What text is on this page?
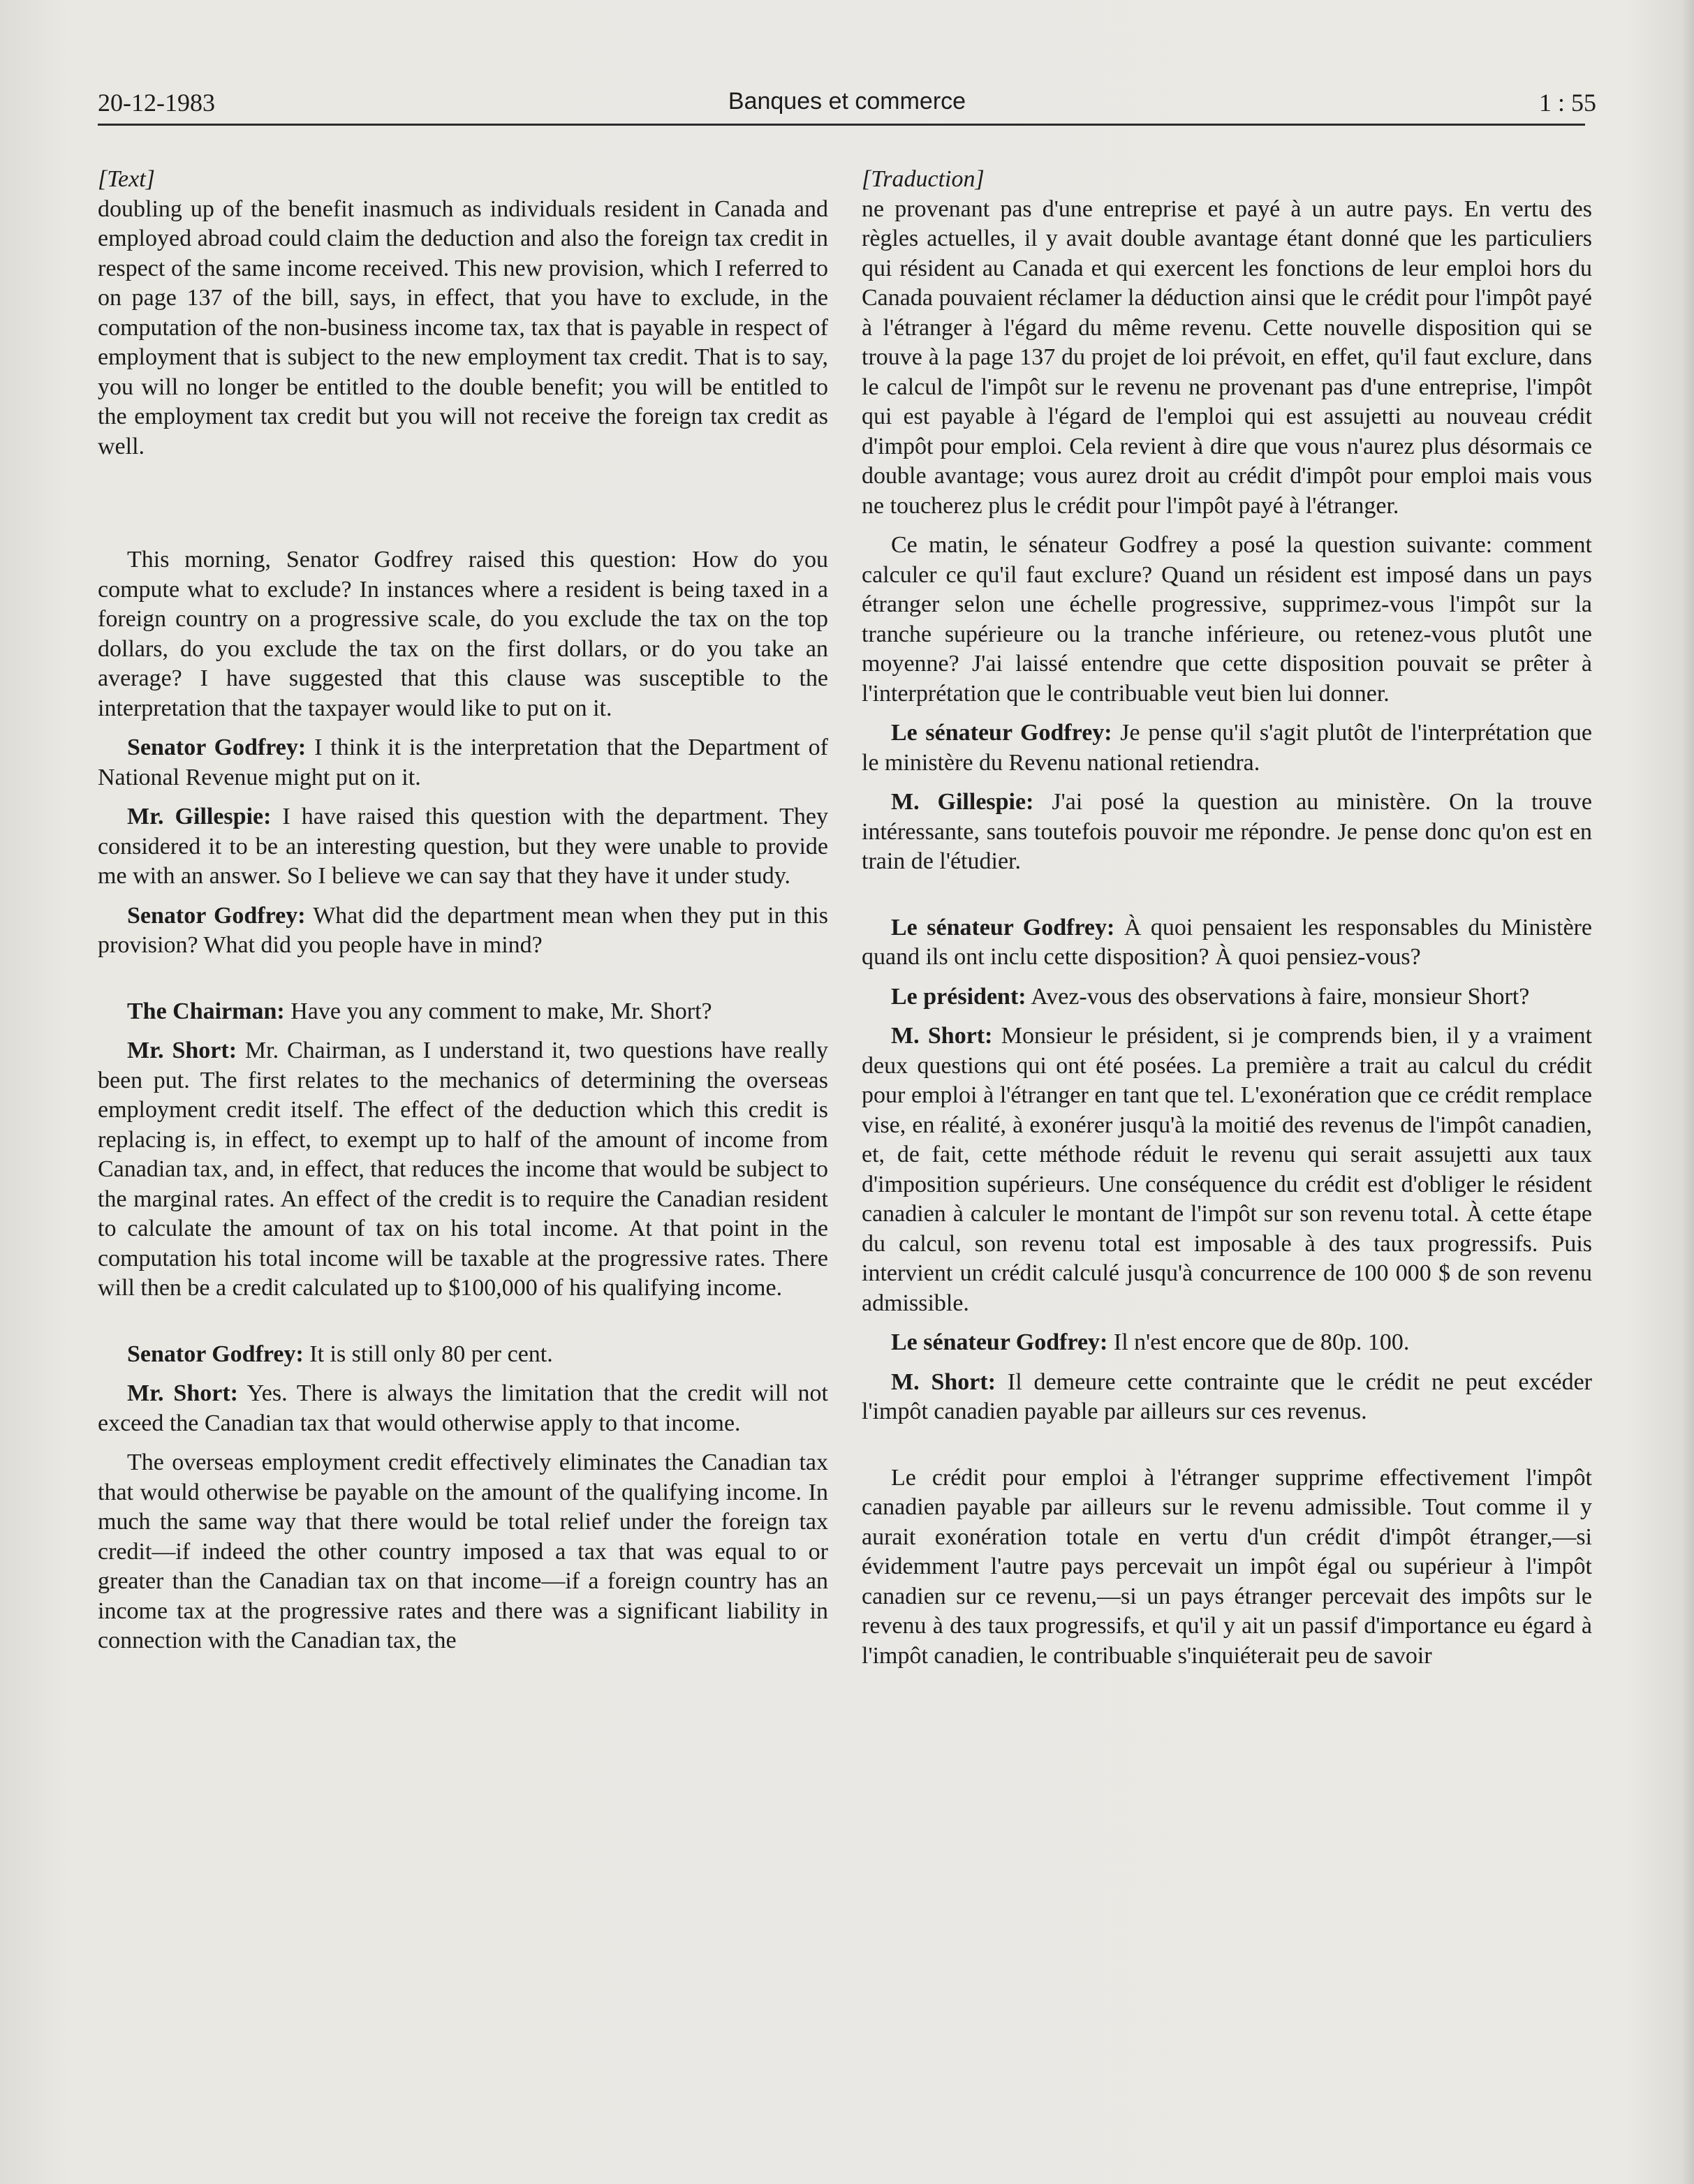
20-12-1983	Banques et commerce	1 : 55

[Text]

doubling up of the benefit inasmuch as individuals resident in Canada and employed abroad could claim the deduction and also the foreign tax credit in respect of the same income received. This new provision, which I referred to on page 137 of the bill, says, in effect, that you have to exclude, in the computation of the non-business income tax, tax that is payable in respect of employment that is subject to the new employment tax credit. That is to say, you will no longer be entitled to the double benefit; you will be entitled to the employment tax credit but you will not receive the foreign tax credit as well.

This morning, Senator Godfrey raised this question: How do you compute what to exclude? In instances where a resident is being taxed in a foreign country on a progressive scale, do you exclude the tax on the top dollars, do you exclude the tax on the first dollars, or do you take an average? I have suggested that this clause was susceptible to the interpretation that the taxpayer would like to put on it.

Senator Godfrey: I think it is the interpretation that the Department of National Revenue might put on it.

Mr. Gillespie: I have raised this question with the department. They considered it to be an interesting question, but they were unable to provide me with an answer. So I believe we can say that they have it under study.

Senator Godfrey: What did the department mean when they put in this provision? What did you people have in mind?

The Chairman: Have you any comment to make, Mr. Short?

Mr. Short: Mr. Chairman, as I understand it, two questions have really been put. The first relates to the mechanics of determining the overseas employment credit itself. The effect of the deduction which this credit is replacing is, in effect, to exempt up to half of the amount of income from Canadian tax, and, in effect, that reduces the income that would be subject to the marginal rates. An effect of the credit is to require the Canadian resident to calculate the amount of tax on his total income. At that point in the computation his total income will be taxable at the progressive rates. There will then be a credit calculated up to $100,000 of his qualifying income.

Senator Godfrey: It is still only 80 per cent.

Mr. Short: Yes. There is always the limitation that the credit will not exceed the Canadian tax that would otherwise apply to that income.

The overseas employment credit effectively eliminates the Canadian tax that would otherwise be payable on the amount of the qualifying income. In much the same way that there would be total relief under the foreign tax credit—if indeed the other country imposed a tax that was equal to or greater than the Canadian tax on that income—if a foreign country has an income tax at the progressive rates and there was a significant liability in connection with the Canadian tax, the

[Traduction]

ne provenant pas d'une entreprise et payé à un autre pays. En vertu des règles actuelles, il y avait double avantage étant donné que les particuliers qui résident au Canada et qui exercent les fonctions de leur emploi hors du Canada pouvaient réclamer la déduction ainsi que le crédit pour l'impôt payé à l'étranger à l'égard du même revenu. Cette nouvelle disposition qui se trouve à la page 137 du projet de loi prévoit, en effet, qu'il faut exclure, dans le calcul de l'impôt sur le revenu ne provenant pas d'une entreprise, l'impôt qui est payable à l'égard de l'emploi qui est assujetti au nouveau crédit d'impôt pour emploi. Cela revient à dire que vous n'aurez plus désormais ce double avantage; vous aurez droit au crédit d'impôt pour emploi mais vous ne toucherez plus le crédit pour l'impôt payé à l'étranger.

Ce matin, le sénateur Godfrey a posé la question suivante: comment calculer ce qu'il faut exclure? Quand un résident est imposé dans un pays étranger selon une échelle progressive, supprimez-vous l'impôt sur la tranche supérieure ou la tranche inférieure, ou retenez-vous plutôt une moyenne? J'ai laissé entendre que cette disposition pouvait se prêter à l'interprétation que le contribuable veut bien lui donner.

Le sénateur Godfrey: Je pense qu'il s'agit plutôt de l'interprétation que le ministère du Revenu national retiendra.

M. Gillespie: J'ai posé la question au ministère. On la trouve intéressante, sans toutefois pouvoir me répondre. Je pense donc qu'on est en train de l'étudier.

Le sénateur Godfrey: À quoi pensaient les responsables du Ministère quand ils ont inclu cette disposition? À quoi pensiez-vous?

Le président: Avez-vous des observations à faire, monsieur Short?

M. Short: Monsieur le président, si je comprends bien, il y a vraiment deux questions qui ont été posées. La première a trait au calcul du crédit pour emploi à l'étranger en tant que tel. L'exonération que ce crédit remplace vise, en réalité, à exonérer jusqu'à la moitié des revenus de l'impôt canadien, et, de fait, cette méthode réduit le revenu qui serait assujetti aux taux d'imposition supérieurs. Une conséquence du crédit est d'obliger le résident canadien à calculer le montant de l'impôt sur son revenu total. À cette étape du calcul, son revenu total est imposable à des taux progressifs. Puis intervient un crédit calculé jusqu'à concurrence de 100 000 $ de son revenu admissible.

Le sénateur Godfrey: Il n'est encore que de 80p. 100.

M. Short: Il demeure cette contrainte que le crédit ne peut excéder l'impôt canadien payable par ailleurs sur ces revenus.

Le crédit pour emploi à l'étranger supprime effectivement l'impôt canadien payable par ailleurs sur le revenu admissible. Tout comme il y aurait exonération totale en vertu d'un crédit d'impôt étranger,—si évidemment l'autre pays percevait un impôt égal ou supérieur à l'impôt canadien sur ce revenu,—si un pays étranger percevait des impôts sur le revenu à des taux progressifs, et qu'il y ait un passif d'importance eu égard à l'impôt canadien, le contribuable s'inquiéterait peu de savoir
